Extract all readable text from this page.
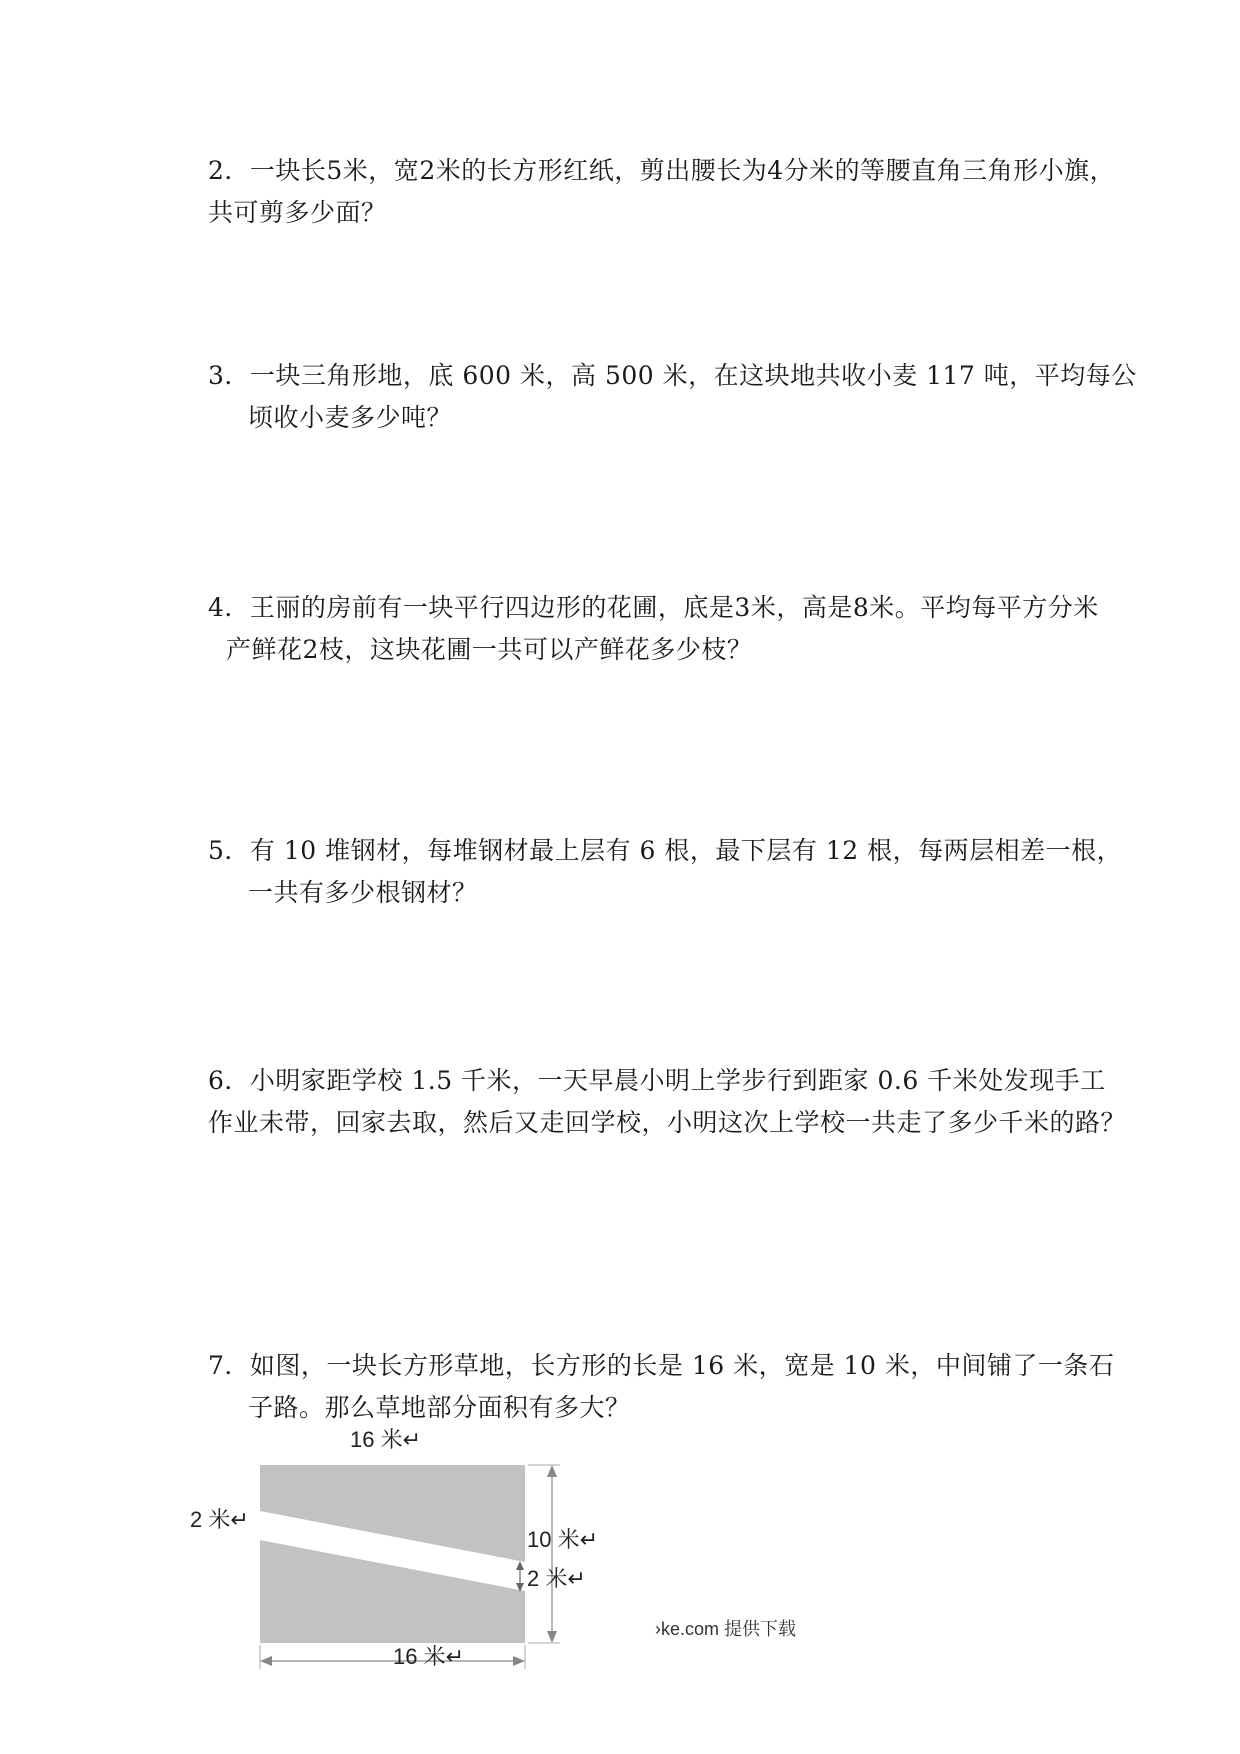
2．一块长5米，宽2米的长方形红纸，剪出腰长为4分米的等腰直角三角形小旗，
共可剪多少面？
3．一块三角形地，底 600 米，高 500 米，在这块地共收小麦 117 吨，平均每公
顷收小麦多少吨？
4．王丽的房前有一块平行四边形的花圃，底是3米，高是8米。平均每平方分米
产鲜花2枝，这块花圃一共可以产鲜花多少枝？
5．有 10 堆钢材，每堆钢材最上层有 6 根，最下层有 12 根，每两层相差一根，
一共有多少根钢材？
6．小明家距学校 1.5 千米，一天早晨小明上学步行到距家 0.6 千米处发现手工
作业未带，回家去取，然后又走回学校，小明这次上学校一共走了多少千米的路？
7．如图，一块长方形草地，长方形的长是 16 米，宽是 10 米，中间铺了一条石
子路。那么草地部分面积有多大？
16 米↵
2 米↵
10 米↵
2 米↵
16 米↵
›ke.com 提供下载
